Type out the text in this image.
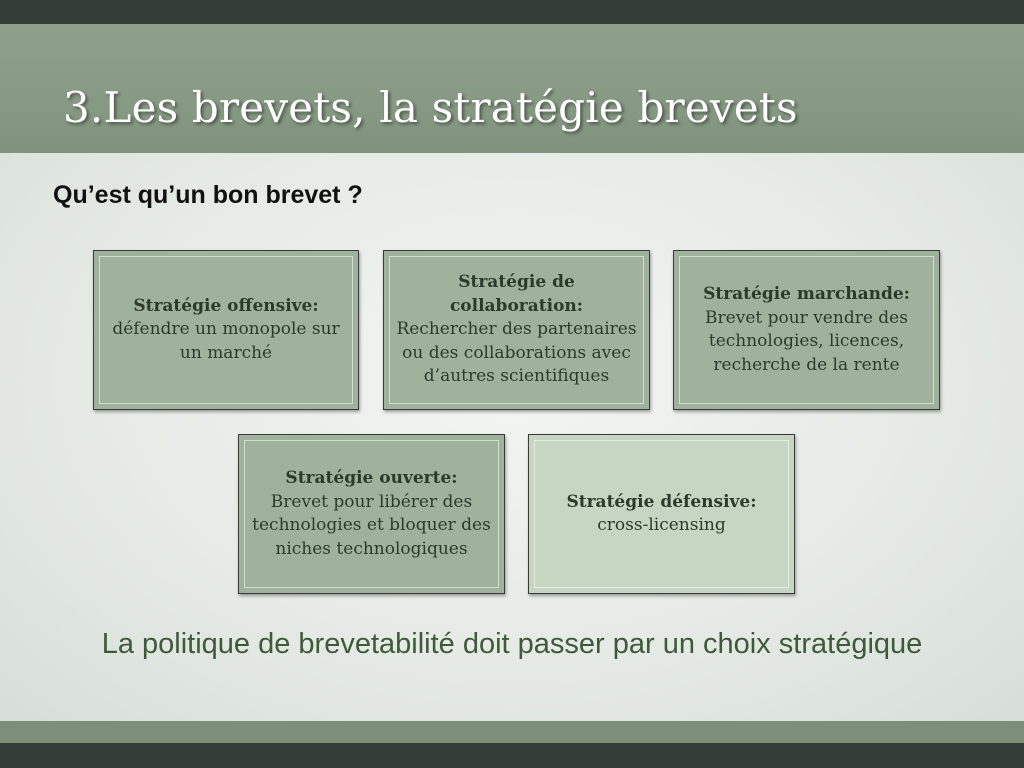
3.Les brevets, la stratégie brevets
Qu’est qu’un bon brevet ?
Stratégie offensive:
défendre un monopole sur un marché
Stratégie de collaboration:
Rechercher des partenaires ou des collaborations avec d’autres scientifiques
Stratégie marchande:
Brevet pour vendre des technologies, licences, recherche de la rente
Stratégie ouverte:
Brevet pour libérer des technologies et bloquer des niches technologiques
Stratégie défensive:
cross-licensing
La politique de brevetabilité doit passer par un choix stratégique
